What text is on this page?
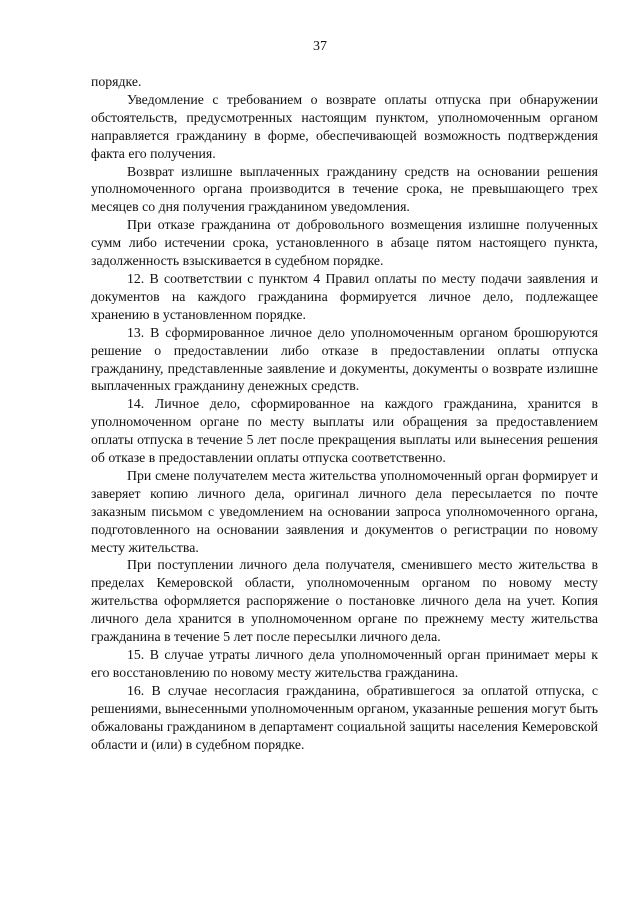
37

порядке.

Уведомление с требованием о возврате оплаты отпуска при обнаружении обстоятельств, предусмотренных настоящим пунктом, уполномоченным органом направляется гражданину в форме, обеспечивающей возможность подтверждения факта его получения.

Возврат излишне выплаченных гражданину средств на основании решения уполномоченного органа производится в течение срока, не превышающего трех месяцев со дня получения гражданином уведомления.

При отказе гражданина от добровольного возмещения излишне полученных сумм либо истечении срока, установленного в абзаце пятом настоящего пункта, задолженность взыскивается в судебном порядке.

12. В соответствии с пунктом 4 Правил оплаты по месту подачи заявления и документов на каждого гражданина формируется личное дело, подлежащее хранению в установленном порядке.

13. В сформированное личное дело уполномоченным органом брошюруются решение о предоставлении либо отказе в предоставлении оплаты отпуска гражданину, представленные заявление и документы, документы о возврате излишне выплаченных гражданину денежных средств.

14. Личное дело, сформированное на каждого гражданина, хранится в уполномоченном органе по месту выплаты или обращения за предоставлением оплаты отпуска в течение 5 лет после прекращения выплаты или вынесения решения об отказе в предоставлении оплаты отпуска соответственно.

При смене получателем места жительства уполномоченный орган формирует и заверяет копию личного дела, оригинал личного дела пересылается по почте заказным письмом с уведомлением на основании запроса уполномоченного органа, подготовленного на основании заявления и документов о регистрации по новому месту жительства.

При поступлении личного дела получателя, сменившего место жительства в пределах Кемеровской области, уполномоченным органом по новому месту жительства оформляется распоряжение о постановке личного дела на учет. Копия личного дела хранится в уполномоченном органе по прежнему месту жительства гражданина в течение 5 лет после пересылки личного дела.

15. В случае утраты личного дела уполномоченный орган принимает меры к его восстановлению по новому месту жительства гражданина.

16. В случае несогласия гражданина, обратившегося за оплатой отпуска, с решениями, вынесенными уполномоченным органом, указанные решения могут быть обжалованы гражданином в департамент социальной защиты населения Кемеровской области и (или) в судебном порядке.
